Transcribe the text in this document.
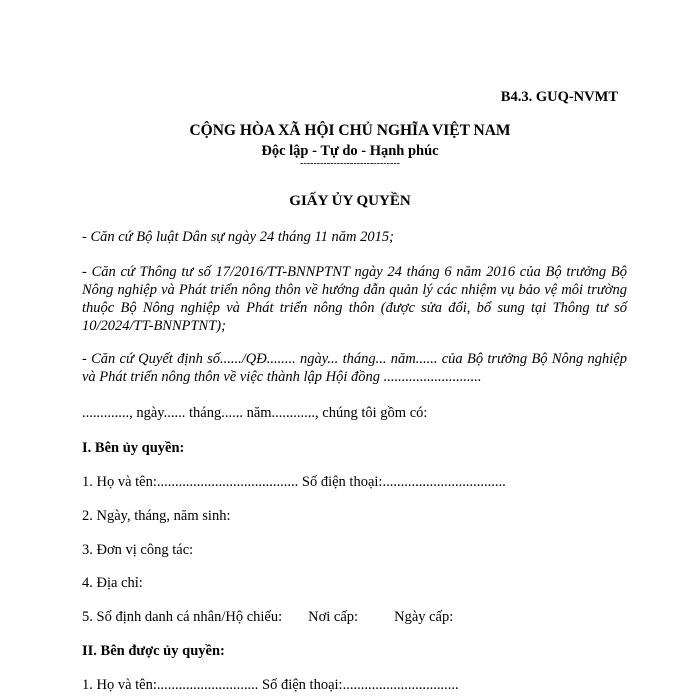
B4.3. GUQ-NVMT
CỘNG HÒA XÃ HỘI CHỦ NGHĨA VIỆT NAM
Độc lập - Tự do - Hạnh phúc
------------------------------
GIẤY ỦY QUYỀN
- Căn cứ Bộ luật Dân sự ngày 24 tháng 11 năm 2015;
- Căn cứ Thông tư số 17/2016/TT-BNNPTNT ngày 24 tháng 6 năm 2016 của Bộ trưởng Bộ Nông nghiệp và Phát triển nông thôn về hướng dẫn quản lý các nhiệm vụ bảo vệ môi trường thuộc Bộ Nông nghiệp và Phát triển nông thôn (được sửa đổi, bổ sung tại Thông tư số 10/2024/TT-BNNPTNT);
- Căn cứ Quyết định số....../QĐ........ ngày... tháng... năm...... của Bộ trưởng Bộ Nông nghiệp và Phát triển nông thôn về việc thành lập Hội đồng ...........................
............., ngày...... tháng...... năm............, chúng tôi gồm có:
I. Bên ủy quyền:
1. Họ và tên:....................................... Số điện thoại:..................................
2. Ngày, tháng, năm sinh:
3. Đơn vị công tác:
4. Địa chỉ:
5. Số định danh cá nhân/Hộ chiếu: Nơi cấp: Ngày cấp:
II. Bên được ủy quyền:
1. Họ và tên:............................ Số điện thoại:................................
